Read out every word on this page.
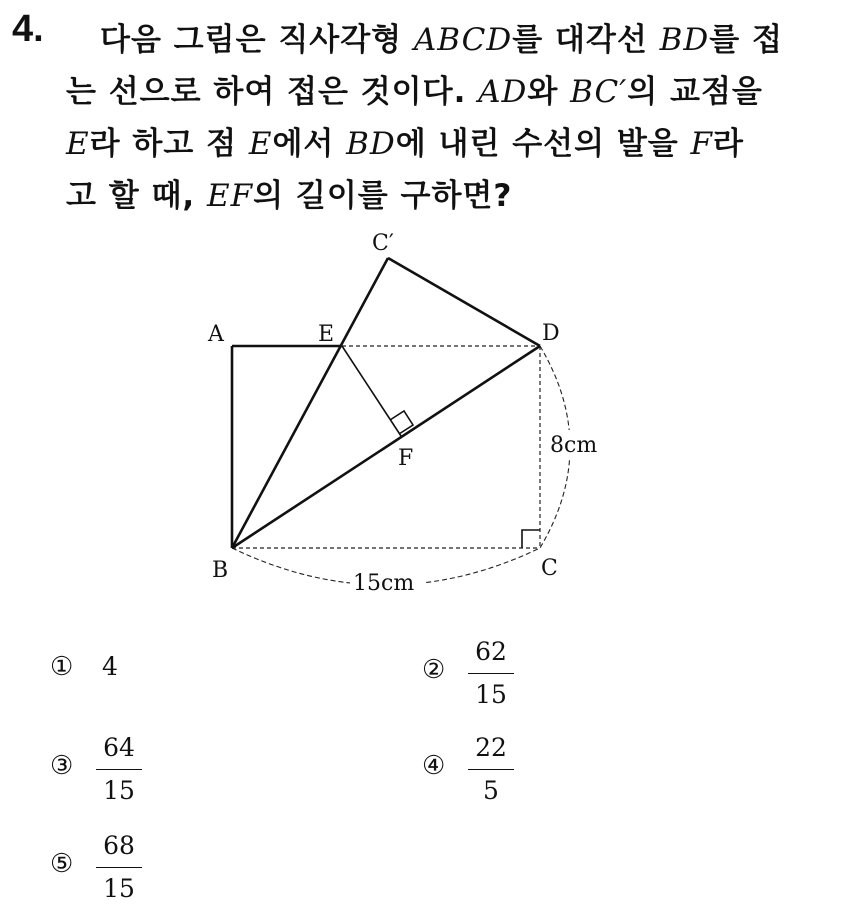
4.	다음 그림은 직사각형 ABCD를 대각선 BD를 접
는 선으로 하여 접은 것이다. AD와 BC′의 교점을
E라 하고 점 E에서 BD에 내린 수선의 발을 F라
고 할 때, EF의 길이를 구하면?
A	E	D
C′
F
B	C
8cm
15cm
① 4	②
62
15
③
64
15
④
22
5
⑤
68
15
